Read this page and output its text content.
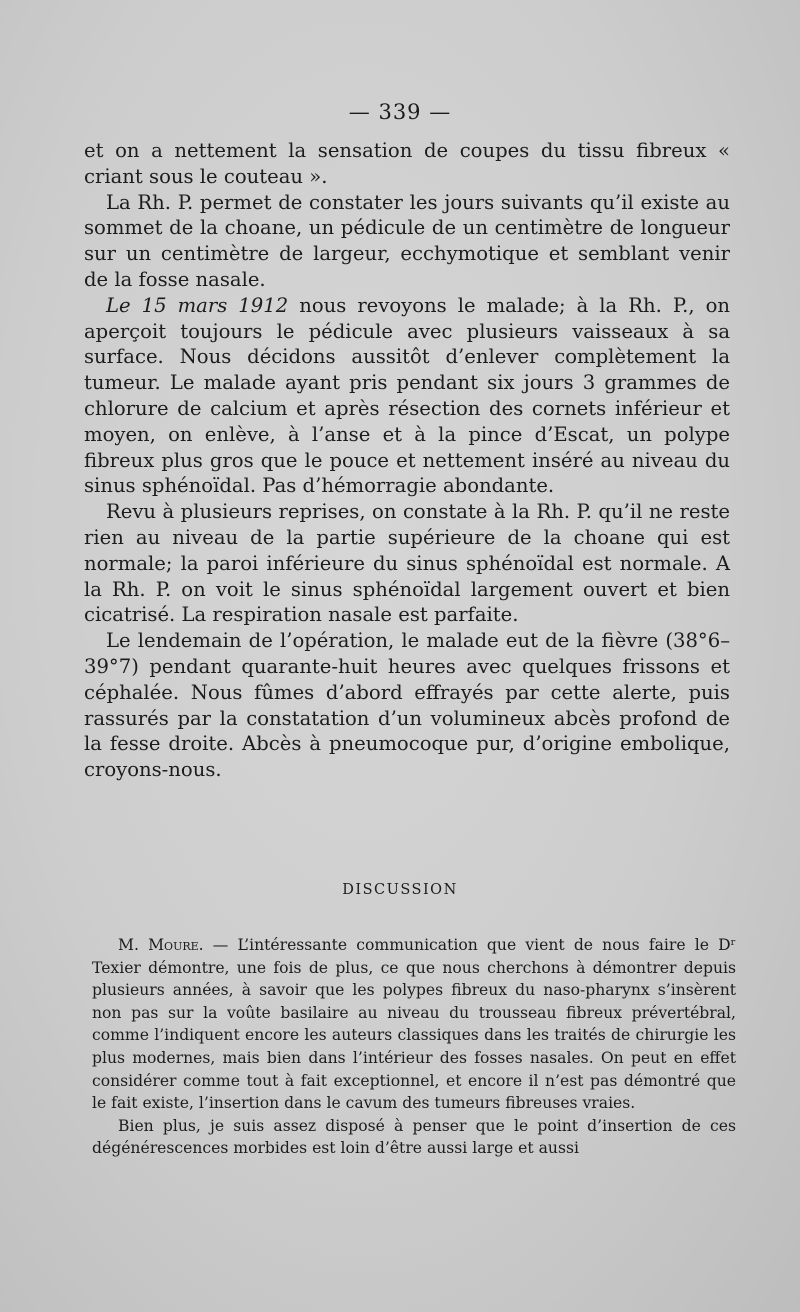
— 339 —

et on a nettement la sensation de coupes du tissu fibreux « criant sous le couteau ».

La Rh. P. permet de constater les jours suivants qu’il existe au sommet de la choane, un pédicule de un centimètre de longueur sur un centimètre de largeur, ecchymotique et semblant venir de la fosse nasale.

Le 15 mars 1912 nous revoyons le malade; à la Rh. P., on aperçoit toujours le pédicule avec plusieurs vaisseaux à sa surface. Nous décidons aussitôt d’enlever complètement la tumeur. Le malade ayant pris pendant six jours 3 grammes de chlorure de calcium et après résection des cornets inférieur et moyen, on enlève, à l’anse et à la pince d’Escat, un polype fibreux plus gros que le pouce et nettement inséré au niveau du sinus sphénoïdal. Pas d’hémorragie abondante.

Revu à plusieurs reprises, on constate à la Rh. P. qu’il ne reste rien au niveau de la partie supérieure de la choane qui est normale; la paroi inférieure du sinus sphénoïdal est normale. A la Rh. P. on voit le sinus sphénoïdal largement ouvert et bien cicatrisé. La respiration nasale est parfaite.

Le lendemain de l’opération, le malade eut de la fièvre (38°6–39°7) pendant quarante-huit heures avec quelques frissons et céphalée. Nous fûmes d’abord effrayés par cette alerte, puis rassurés par la constatation d’un volumineux abcès profond de la fesse droite. Abcès à pneumocoque pur, d’origine embolique, croyons-nous.

DISCUSSION

M. Moure. — L’intéressante communication que vient de nous faire le Dʳ Texier démontre, une fois de plus, ce que nous cherchons à démontrer depuis plusieurs années, à savoir que les polypes fibreux du naso-pharynx s’insèrent non pas sur la voûte basilaire au niveau du trousseau fibreux prévertébral, comme l’indiquent encore les auteurs classiques dans les traités de chirurgie les plus modernes, mais bien dans l’intérieur des fosses nasales. On peut en effet considérer comme tout à fait exceptionnel, et encore il n’est pas démontré que le fait existe, l’insertion dans le cavum des tumeurs fibreuses vraies.

Bien plus, je suis assez disposé à penser que le point d’insertion de ces dégénérescences morbides est loin d’être aussi large et aussi
